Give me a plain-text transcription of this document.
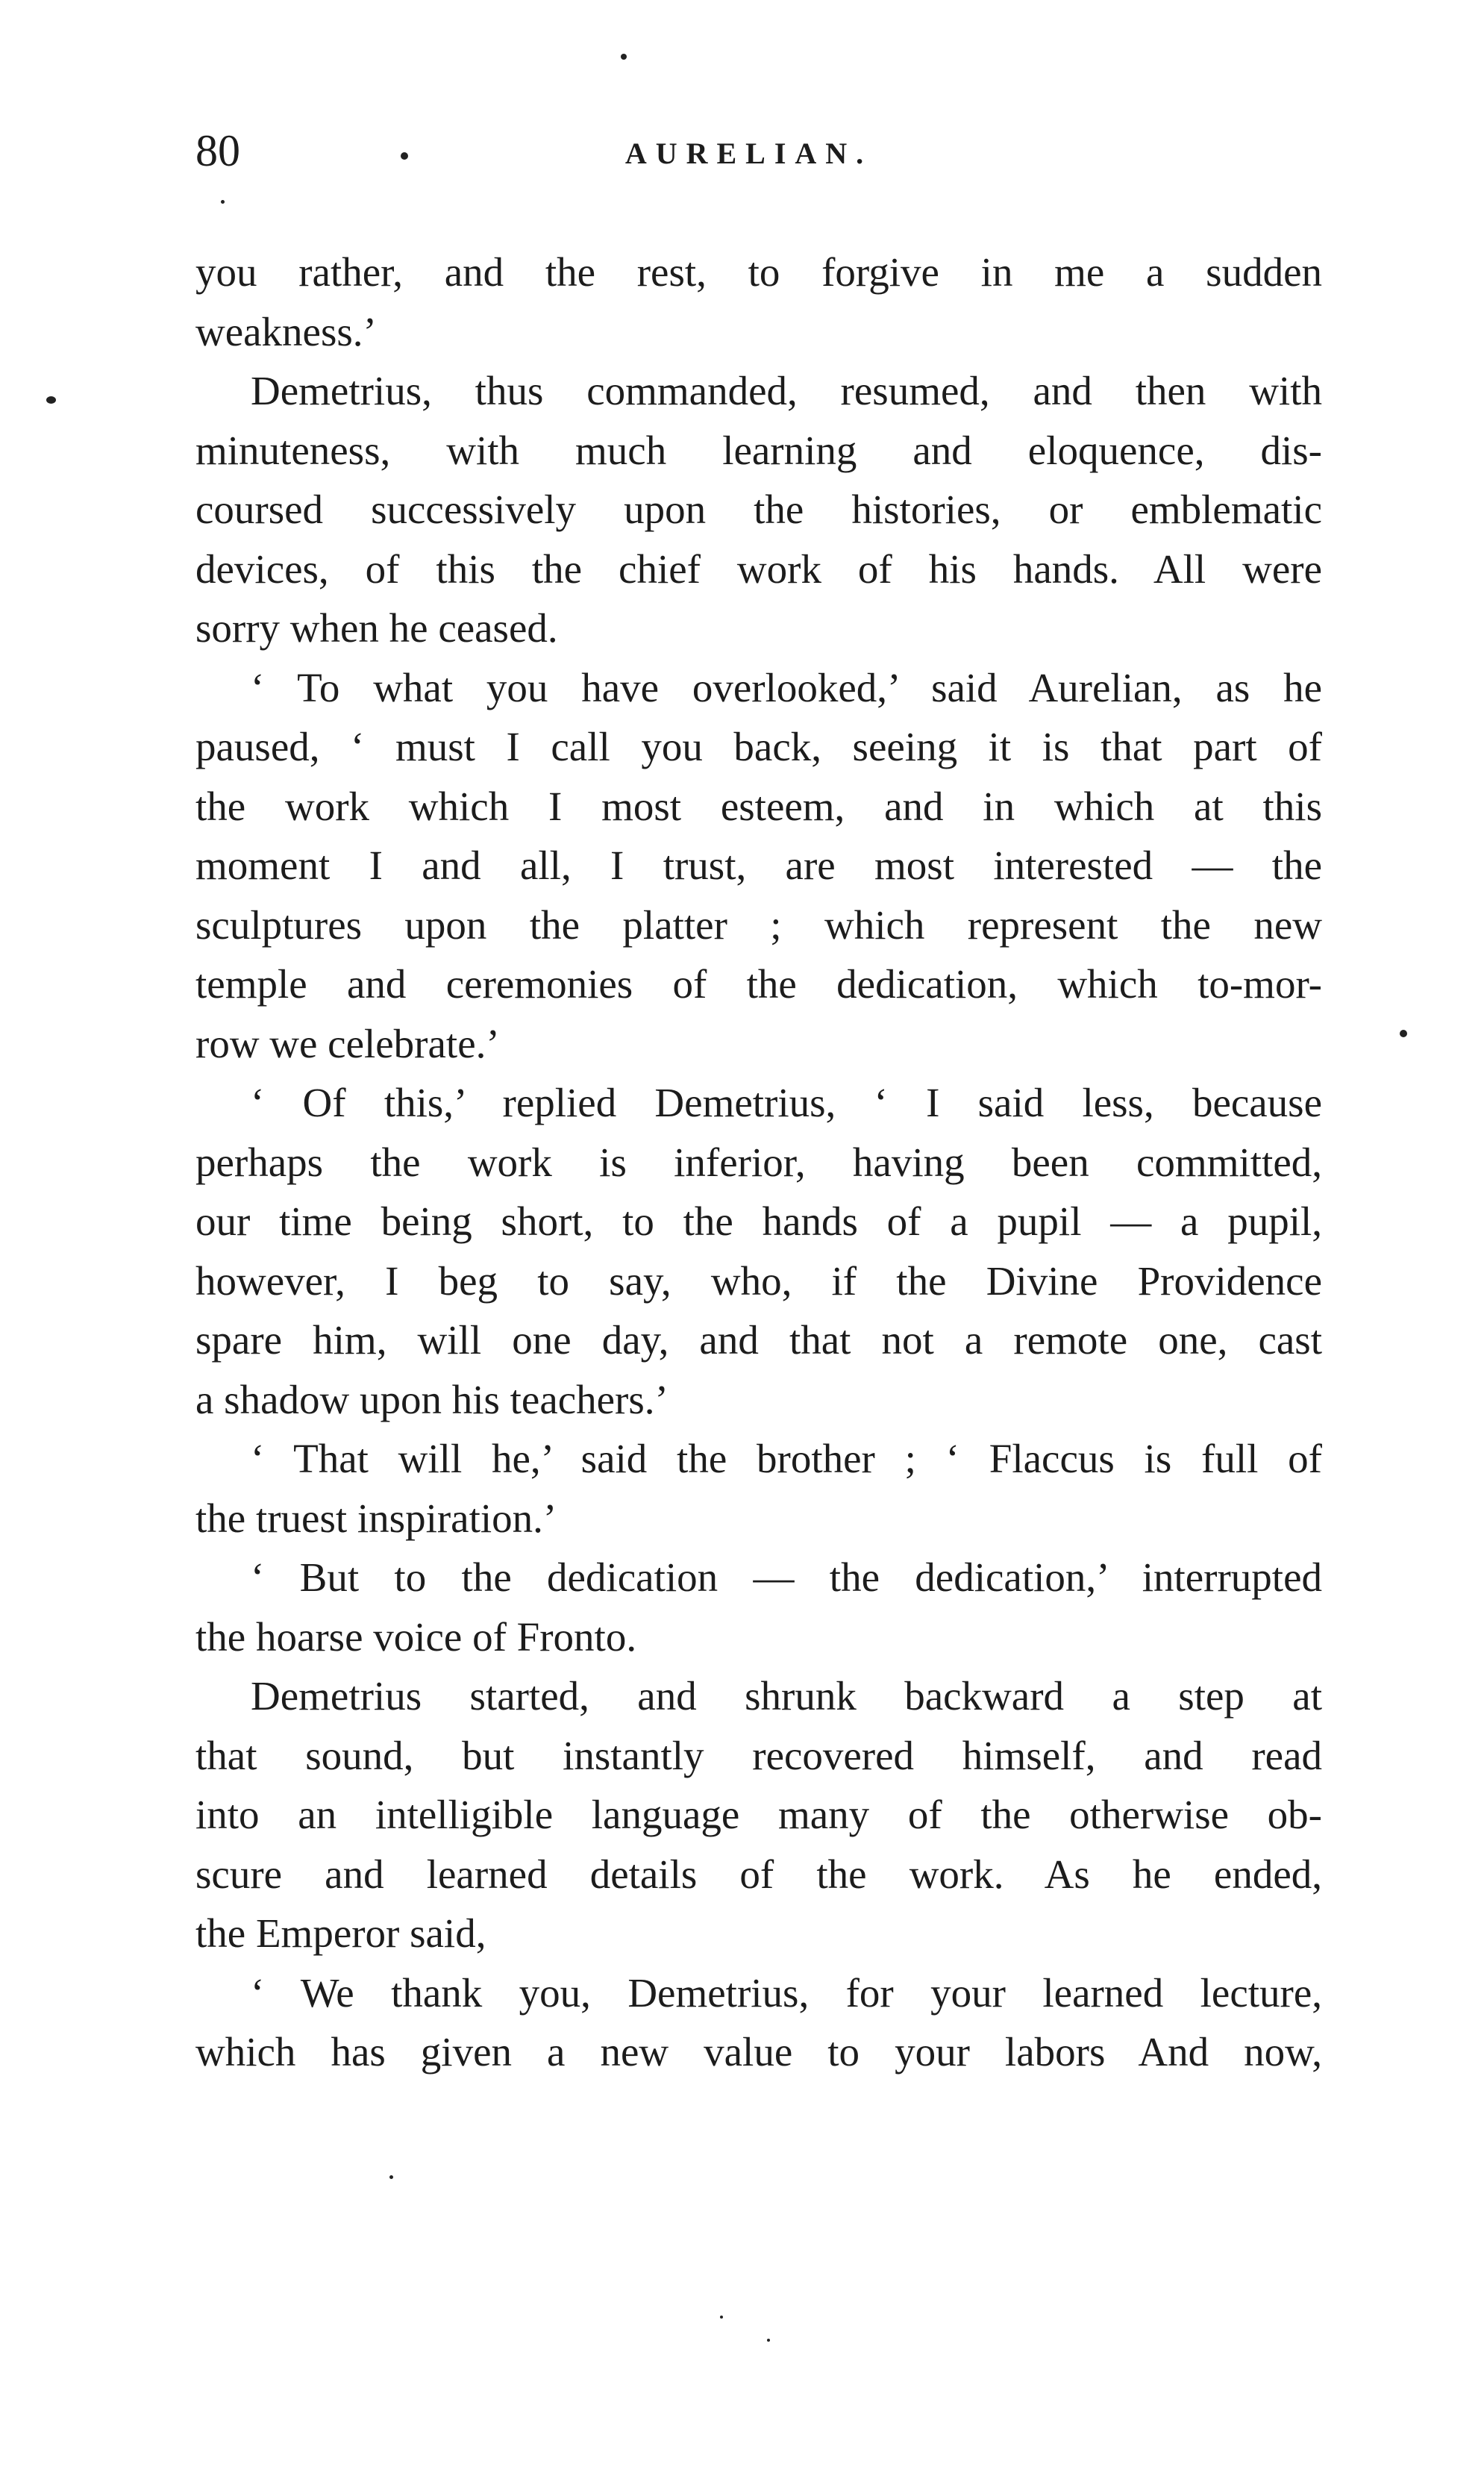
80	AURELIAN.
you rather, and the rest, to forgive in me a sudden
weakness.’
Demetrius, thus commanded, resumed, and then with
minuteness, with much learning and eloquence, dis-
coursed successively upon the histories, or emblematic
devices, of this the chief work of his hands. All were
sorry when he ceased.
‘ To what you have overlooked,’ said Aurelian, as he
paused, ‘ must I call you back, seeing it is that part of
the work which I most esteem, and in which at this
moment I and all, I trust, are most interested — the
sculptures upon the platter ; which represent the new
temple and ceremonies of the dedication, which to-mor-
row we celebrate.’
‘ Of this,’ replied Demetrius, ‘ I said less, because
perhaps the work is inferior, having been committed,
our time being short, to the hands of a pupil — a pupil,
however, I beg to say, who, if the Divine Providence
spare him, will one day, and that not a remote one, cast
a shadow upon his teachers.’
‘ That will he,’ said the brother ; ‘ Flaccus is full of
the truest inspiration.’
‘ But to the dedication — the dedication,’ interrupted
the hoarse voice of Fronto.
Demetrius started, and shrunk backward a step at
that sound, but instantly recovered himself, and read
into an intelligible language many of the otherwise ob-
scure and learned details of the work. As he ended,
the Emperor said,
‘ We thank you, Demetrius, for your learned lecture,
which has given a new value to your labors And now,
